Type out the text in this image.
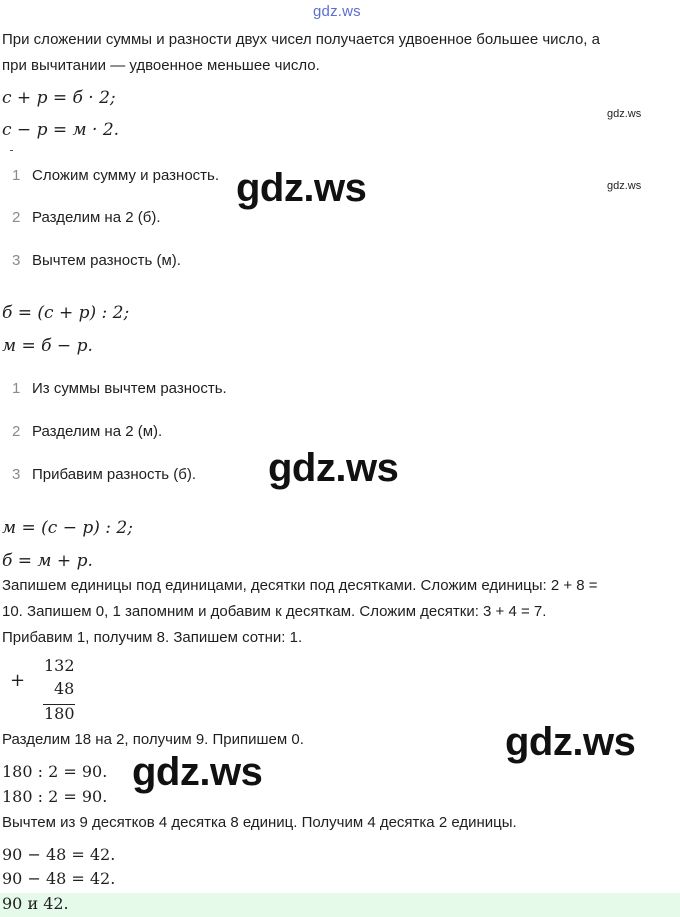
gdz.ws
gdz.ws
gdz.ws
При сложении суммы и разности двух чисел получается удвоенное большее число, а
при вычитании — удвоенное меньшее число.
с + р = б · 2;
с − р = м · 2.
1 Сложим сумму и разность. gdz.ws
2 Разделим на 2 (б).
3 Вычтем разность (м).
б = (с + р) : 2;
м = б − р.
1 Из суммы вычтем разность.
2 Разделим на 2 (м).
gdz.ws
3 Прибавим разность (б).
м = (с − р) : 2;
б = м + р.
Запишем единицы под единицами, десятки под десятками. Сложим единицы: 2 + 8 =
10. Запишем 0, 1 запомним и добавим к десяткам. Сложим десятки: 3 + 4 = 7.
Прибавим 1, получим 8. Запишем сотни: 1.
+
132
48
180
Разделим 18 на 2, получим 9. Припишем 0.	gdz.ws
gdz.ws
180 : 2 = 90.
180 : 2 = 90.
Вычтем из 9 десятков 4 десятка 8 единиц. Получим 4 десятка 2 единицы.
90 − 48 = 42.
90 − 48 = 42.
90 и 42.
